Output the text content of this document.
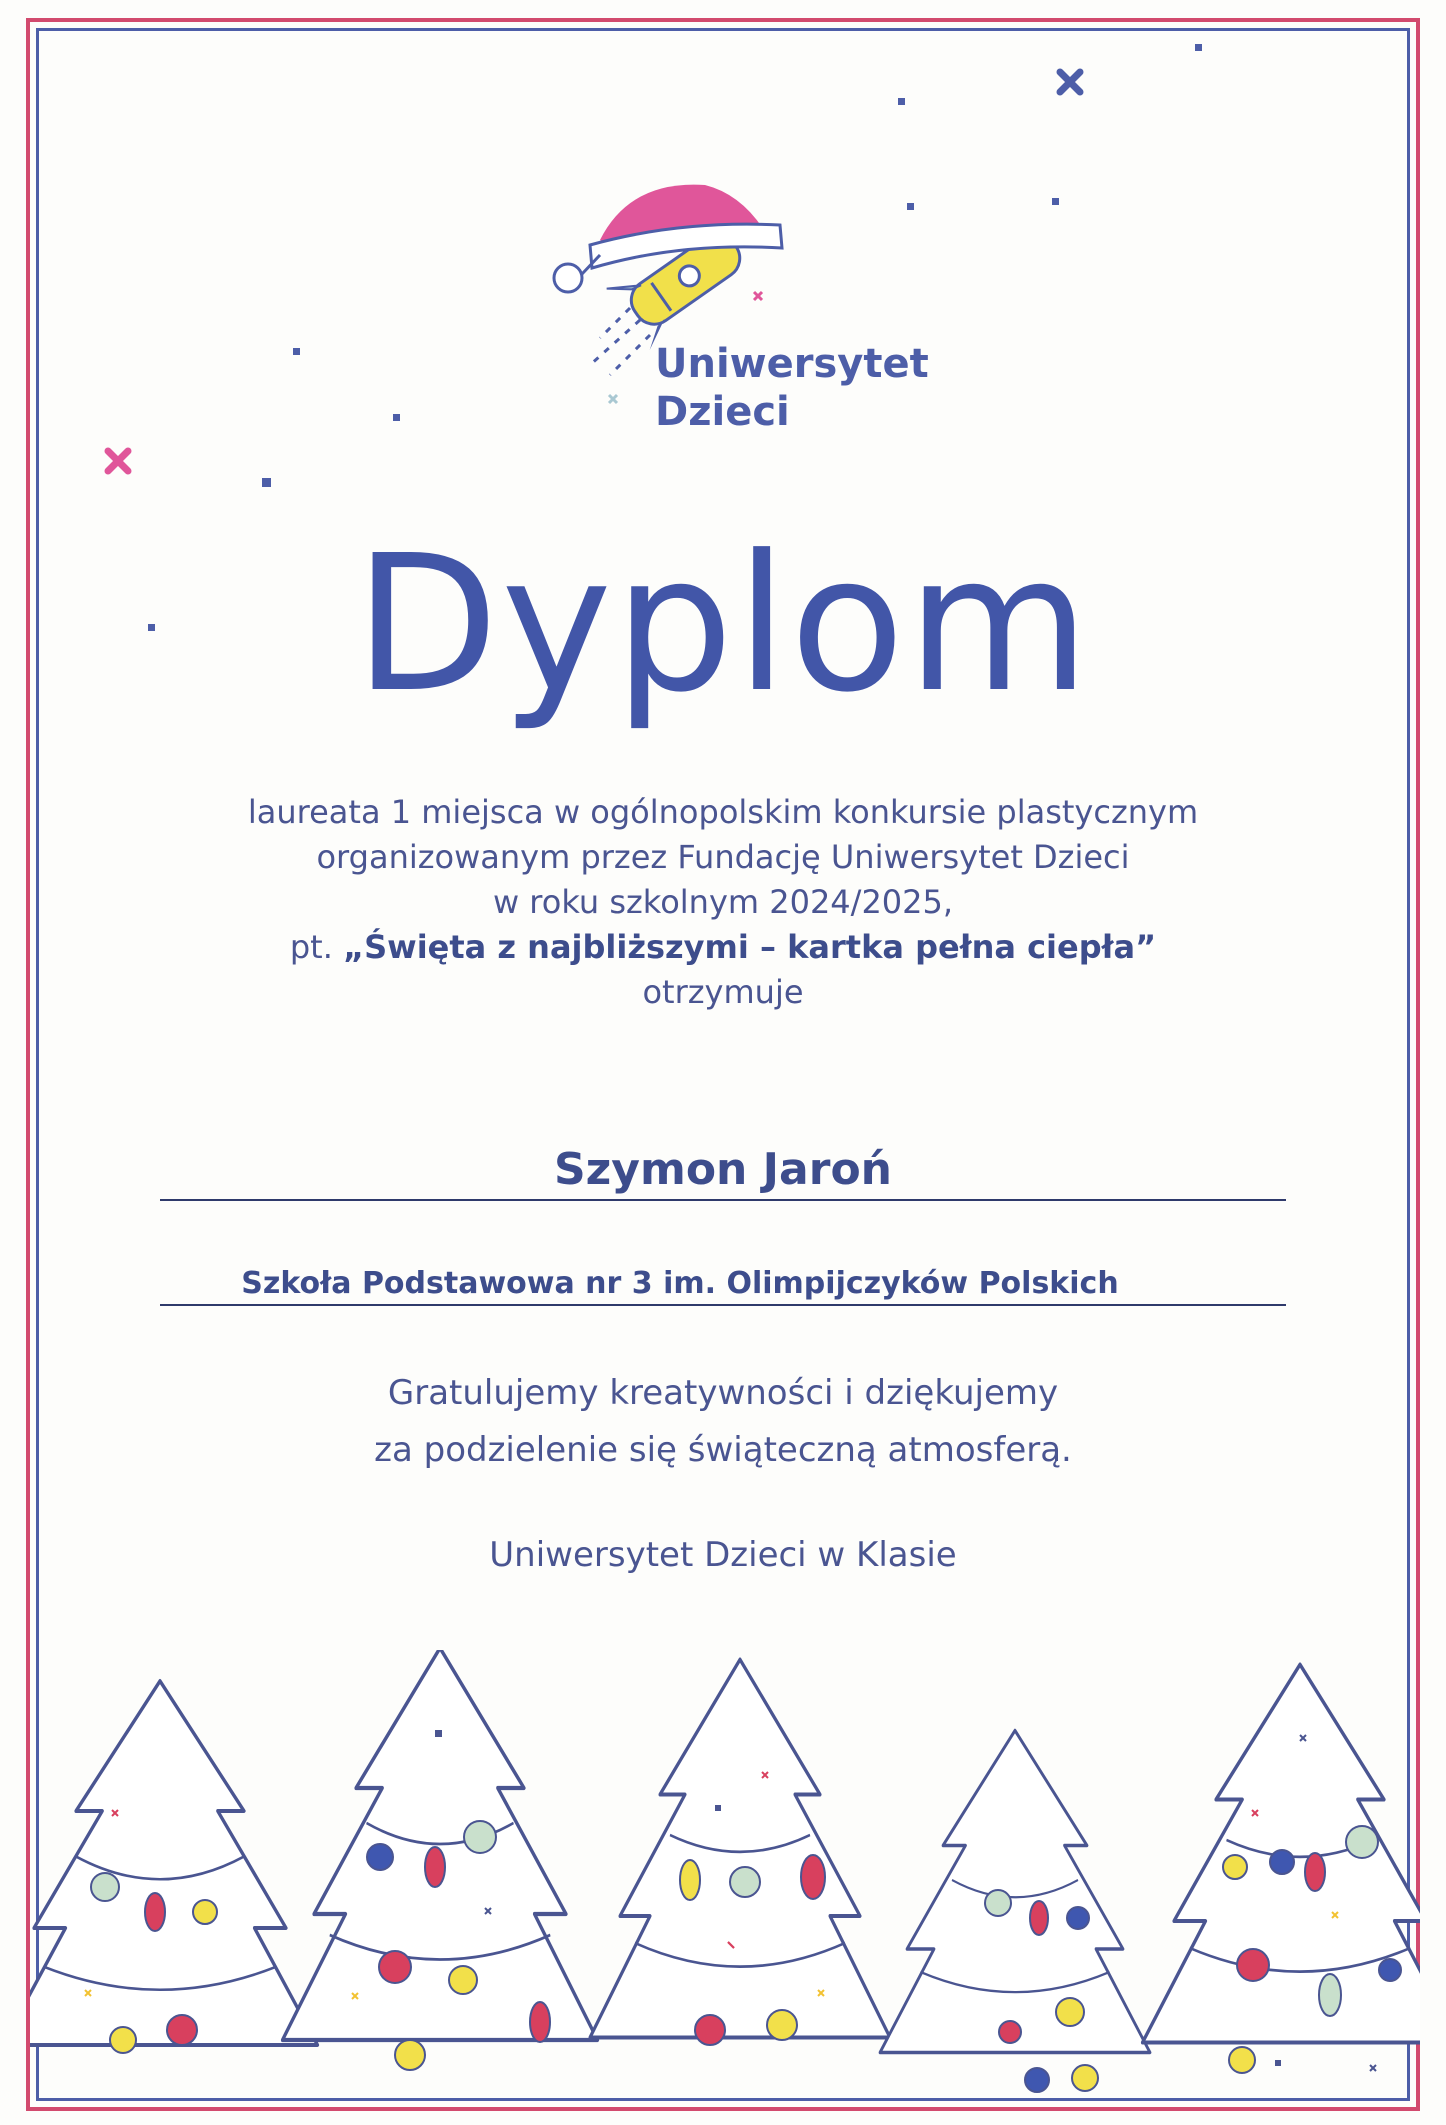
Uniwersytet
Dzieci
Dyplom
laureata 1 miejsca w ogólnopolskim konkursie plastycznym
organizowanym przez Fundację Uniwersytet Dzieci
w roku szkolnym 2024/2025,
pt. „Święta z najbliższymi – kartka pełna ciepła”
otrzymuje
Szymon Jaroń
Szkoła Podstawowa nr 3 im. Olimpijczyków Polskich
Gratulujemy kreatywności i dziękujemy
za podzielenie się świąteczną atmosferą.
Uniwersytet Dzieci w Klasie
